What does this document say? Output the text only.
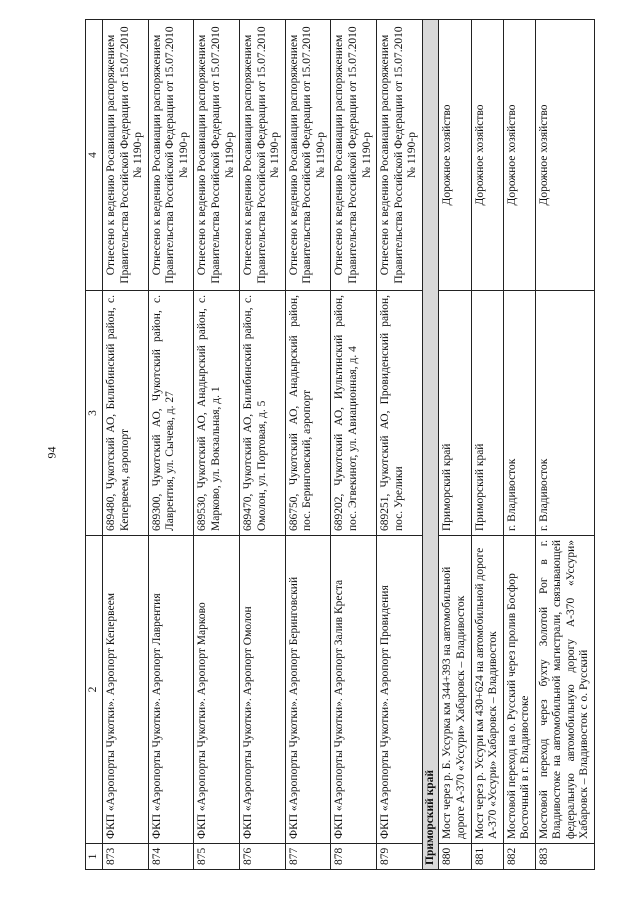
94
1	2	3	4
873	ФКП «Аэропорты Чукотки». Аэропорт Кепервеем	689480, Чукотский АО, Билибинский район, с. Кепервеем, аэропорт	Отнесено к ведению Росавиации распоряжением Правительства Российской Федерации от 15.07.2010 № 1190-р
874	ФКП «Аэропорты Чукотки». Аэропорт Лаврентия	689300, Чукотский АО, Чукотский район, с. Лаврентия, ул. Сычева, д. 27	Отнесено к ведению Росавиации распоряжением Правительства Российской Федерации от 15.07.2010 № 1190-р
875	ФКП «Аэропорты Чукотки». Аэропорт Марково	689530, Чукотский АО, Анадырский район, с. Марково, ул. Вокзальная, д. 1	Отнесено к ведению Росавиации распоряжением Правительства Российской Федерации от 15.07.2010 № 1190-р
876	ФКП «Аэропорты Чукотки». Аэропорт Омолон	689470, Чукотский АО, Билибинский район, с. Омолон, ул. Портовая, д. 5	Отнесено к ведению Росавиации распоряжением Правительства Российской Федерации от 15.07.2010 № 1190-р
877	ФКП «Аэропорты Чукотки». Аэропорт Беринговский	686750, Чукотский АО, Анадырский район, пос. Беринговский, аэропорт	Отнесено к ведению Росавиации распоряжением Правительства Российской Федерации от 15.07.2010 № 1190-р
878	ФКП «Аэропорты Чукотки». Аэропорт Залив Креста	689202, Чукотский АО, Иультинский район, пос. Эгвекинот, ул. Авиационная, д. 4	Отнесено к ведению Росавиации распоряжением Правительства Российской Федерации от 15.07.2010 № 1190-р
879	ФКП «Аэропорты Чукотки». Аэропорт Провидения	689251, Чукотский АО, Провиденский район, пос. Урелики	Отнесено к ведению Росавиации распоряжением Правительства Российской Федерации от 15.07.2010 № 1190-р
Приморский край			
880	Мост через р. Б. Уссурка км 344+393 на автомобильной дороге А-370 «Уссури» Хабаровск – Владивосток	Приморский край	Дорожное хозяйство
881	Мост через р. Уссури км 430+624 на автомобильной дороге А-370 «Уссури» Хабаровск – Владивосток	Приморский край	Дорожное хозяйство
882	Мостовой переход на о. Русский через пролив Босфор Восточный в г. Владивостоке	г. Владивосток	Дорожное хозяйство
883	Мостовой переход через бухту Золотой Рог в г. Владивостоке на автомобильной магистрали, связывающей федеральную автомобильную дорогу А-370 «Уссури» Хабаровск – Владивосток с о. Русский	г. Владивосток	Дорожное хозяйство
